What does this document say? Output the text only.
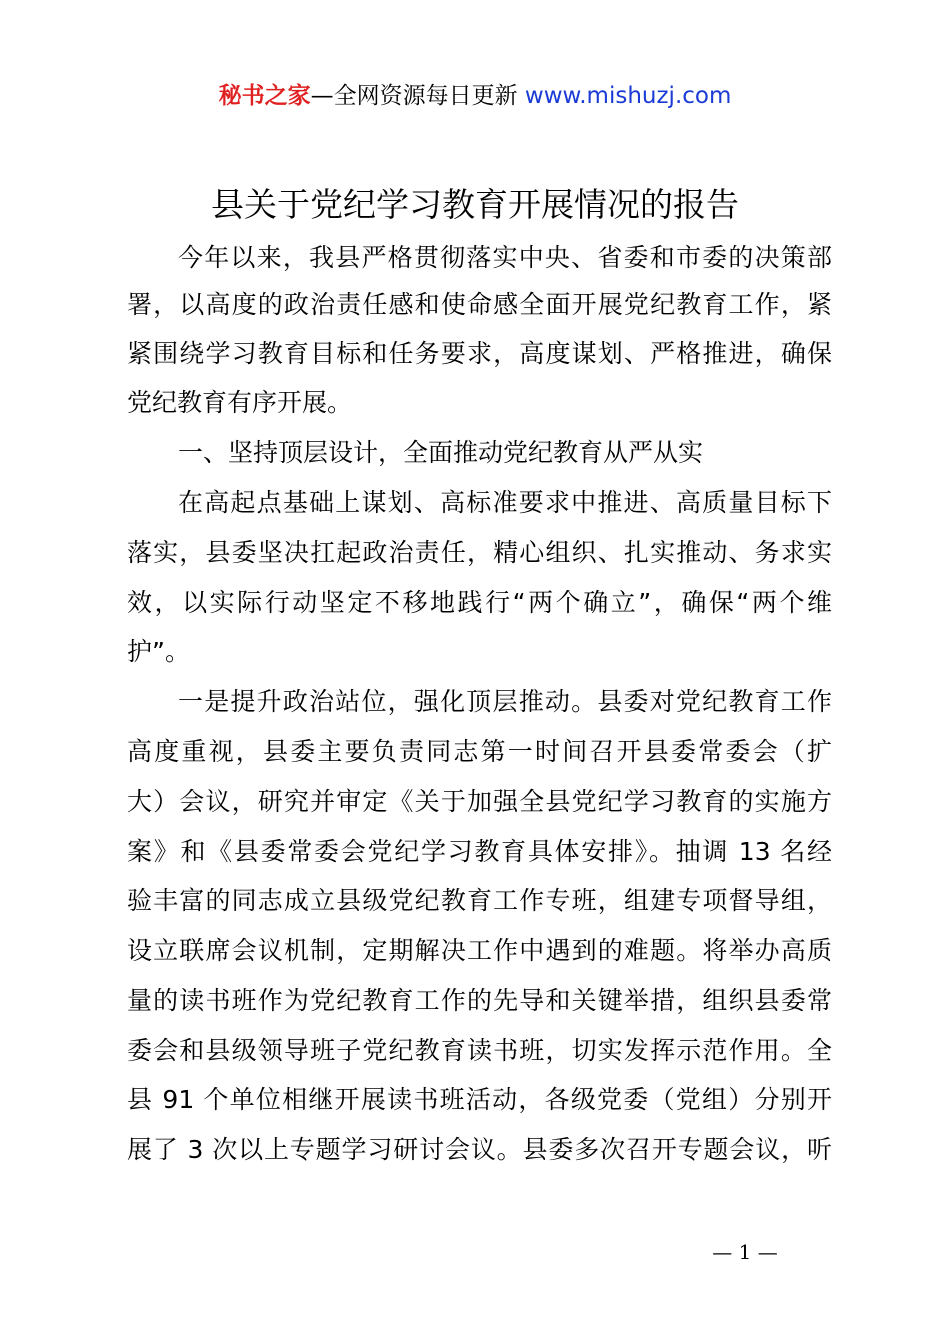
秘书之家—全网资源每日更新 www.mishuzj.com
县关于党纪学习教育开展情况的报告
今年以来，我县严格贯彻落实中央、省委和市委的决策部
署，以高度的政治责任感和使命感全面开展党纪教育工作，紧
紧围绕学习教育目标和任务要求，高度谋划、严格推进，确保
党纪教育有序开展。
一、坚持顶层设计，全面推动党纪教育从严从实
在高起点基础上谋划、高标准要求中推进、高质量目标下
落实，县委坚决扛起政治责任，精心组织、扎实推动、务求实
效，以实际行动坚定不移地践行“两个确立”，确保“两个维
护”。
一是提升政治站位，强化顶层推动。县委对党纪教育工作
高度重视，县委主要负责同志第一时间召开县委常委会（扩
大）会议，研究并审定《关于加强全县党纪学习教育的实施方
案》和《县委常委会党纪学习教育具体安排》。抽调 13 名经
验丰富的同志成立县级党纪教育工作专班，组建专项督导组，
设立联席会议机制，定期解决工作中遇到的难题。将举办高质
量的读书班作为党纪教育工作的先导和关键举措，组织县委常
委会和县级领导班子党纪教育读书班，切实发挥示范作用。全
县 91 个单位相继开展读书班活动，各级党委（党组）分别开
展了 3 次以上专题学习研讨会议。县委多次召开专题会议，听
— 1 —
